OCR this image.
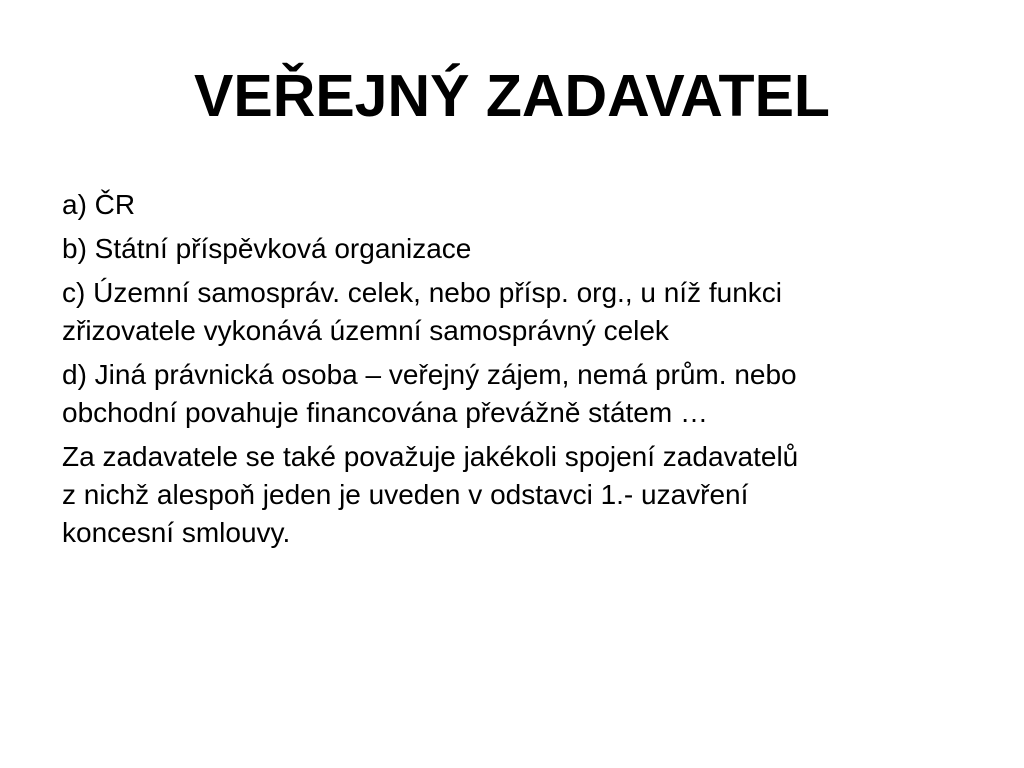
VEŘEJNÝ ZADAVATEL
a) ČR
b) Státní příspěvková organizace
c) Územní samospráv. celek, nebo přísp. org., u níž funkci
zřizovatele vykonává územní samosprávný celek
d) Jiná právnická osoba – veřejný zájem, nemá prům. nebo
obchodní povahuje financována převážně státem …
Za zadavatele se také považuje jakékoli spojení zadavatelů
z nichž alespoň jeden je uveden v odstavci 1.- uzavření
koncesní smlouvy.
